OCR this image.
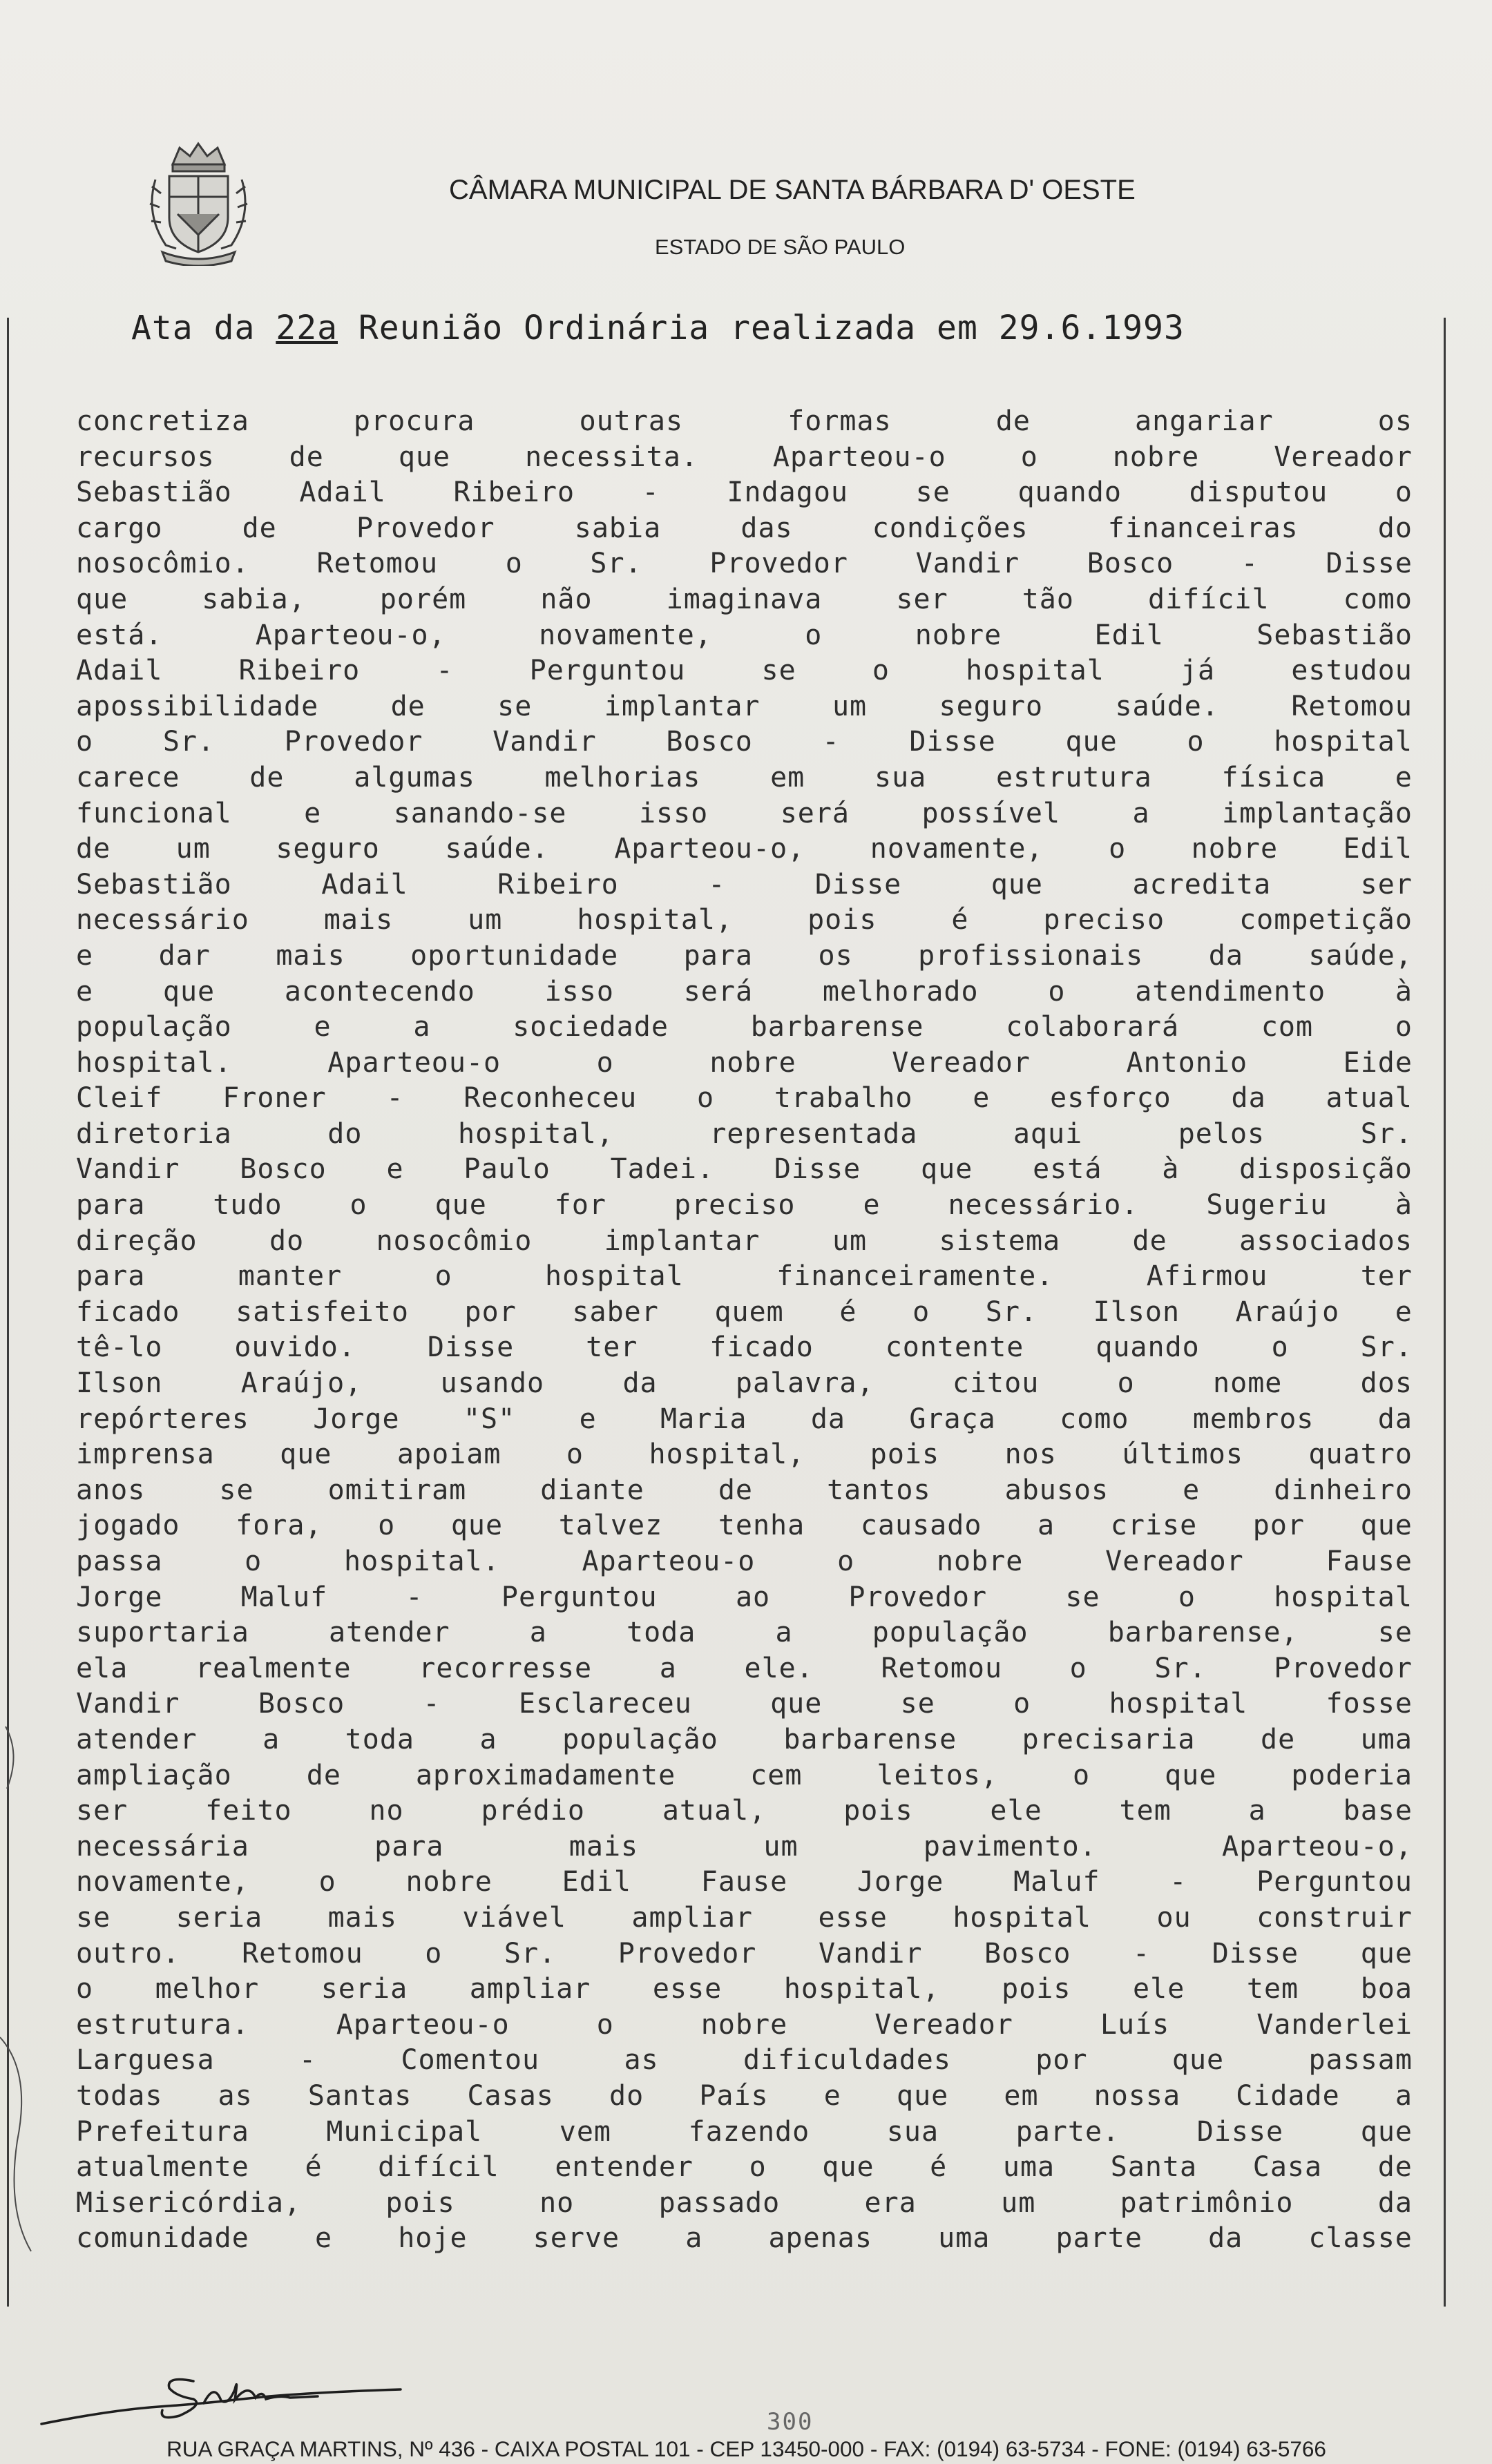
CÂMARA MUNICIPAL DE SANTA BÁRBARA D' OESTE
ESTADO DE SÃO PAULO
Ata da 22a Reunião Ordinária realizada em 29.6.1993
concretiza	procura	outras	formas	de	angariar	os
recursos	de	que	necessita.	Aparteou-o	o	nobre	Vereador
Sebastião Adail Ribeiro - Indagou se quando disputou o
cargo	de	Provedor	sabia	das	condições	financeiras	do
nosocômio. Retomou o Sr. Provedor Vandir Bosco - Disse
que	sabia,	porém	não	imaginava	ser	tão	difícil	como
está.	Aparteou-o,	novamente,	o	nobre	Edil	Sebastião
Adail	Ribeiro	-	Perguntou	se	o	hospital	já	estudou
apossibilidade	de	se	implantar	um	seguro	saúde.	Retomou
o	Sr.	Provedor	Vandir	Bosco	-	Disse	que	o	hospital
carece	de	algumas	melhorias	em	sua	estrutura	física	e
funcional	e	sanando-se	isso	será	possível	a	implantação
de um seguro saúde. Aparteou-o, novamente, o nobre Edil
Sebastião	Adail	Ribeiro	-	Disse	que	acredita	ser
necessário	mais	um	hospital,	pois	é	preciso	competição
e dar mais oportunidade para os profissionais da saúde,
e	que	acontecendo	isso	será	melhorado	o	atendimento	à
população	e	a	sociedade	barbarense	colaborará	com	o
hospital.	Aparteou-o	o	nobre	Vereador	Antonio	Eide
Cleif Froner - Reconheceu o trabalho e esforço da atual
diretoria	do	hospital,	representada	aqui	pelos	Sr.
Vandir Bosco e Paulo Tadei. Disse que está à disposição
para tudo o que for preciso e necessário. Sugeriu à
direção	do	nosocômio	implantar	um	sistema	de	associados
para	manter	o	hospital	financeiramente.	Afirmou	ter
ficado satisfeito por saber quem é o Sr. Ilson Araújo e
tê-lo	ouvido.	Disse	ter	ficado	contente	quando	o	Sr.
Ilson	Araújo,	usando	da	palavra,	citou	o	nome	dos
repórteres Jorge "S" e Maria da Graça como membros da
imprensa que apoiam o hospital, pois nos últimos quatro
anos	se	omitiram	diante	de	tantos	abusos	e	dinheiro
jogado fora, o que talvez tenha causado a crise por que
passa	o	hospital.	Aparteou-o	o	nobre	Vereador	Fause
Jorge	Maluf	-	Perguntou	ao	Provedor	se	o	hospital
suportaria	atender	a	toda	a	população	barbarense,	se
ela realmente recorresse a ele. Retomou o Sr. Provedor
Vandir	Bosco	-	Esclareceu	que	se	o	hospital	fosse
atender a toda a população barbarense precisaria de uma
ampliação	de	aproximadamente	cem	leitos,	o	que	poderia
ser	feito	no	prédio	atual,	pois	ele	tem	a	base
necessária	para	mais	um	pavimento.	Aparteou-o,
novamente,	o	nobre	Edil	Fause	Jorge	Maluf	-	Perguntou
se seria mais viável ampliar esse hospital ou construir
outro. Retomou o Sr. Provedor Vandir Bosco - Disse que
o melhor seria ampliar esse hospital, pois ele tem boa
estrutura.	Aparteou-o	o	nobre	Vereador	Luís	Vanderlei
Larguesa	-	Comentou	as	dificuldades	por	que	passam
todas as Santas Casas do País e que em nossa Cidade a
Prefeitura	Municipal	vem	fazendo	sua	parte.	Disse	que
atualmente é difícil entender o que é uma Santa Casa de
Misericórdia,	pois	no	passado	era	um	patrimônio	da
comunidade e hoje serve a apenas uma parte da classe
300
RUA GRAÇA MARTINS, Nº 436 - CAIXA POSTAL 101 - CEP 13450-000 - FAX: (0194) 63-5734 - FONE: (0194) 63-5766
